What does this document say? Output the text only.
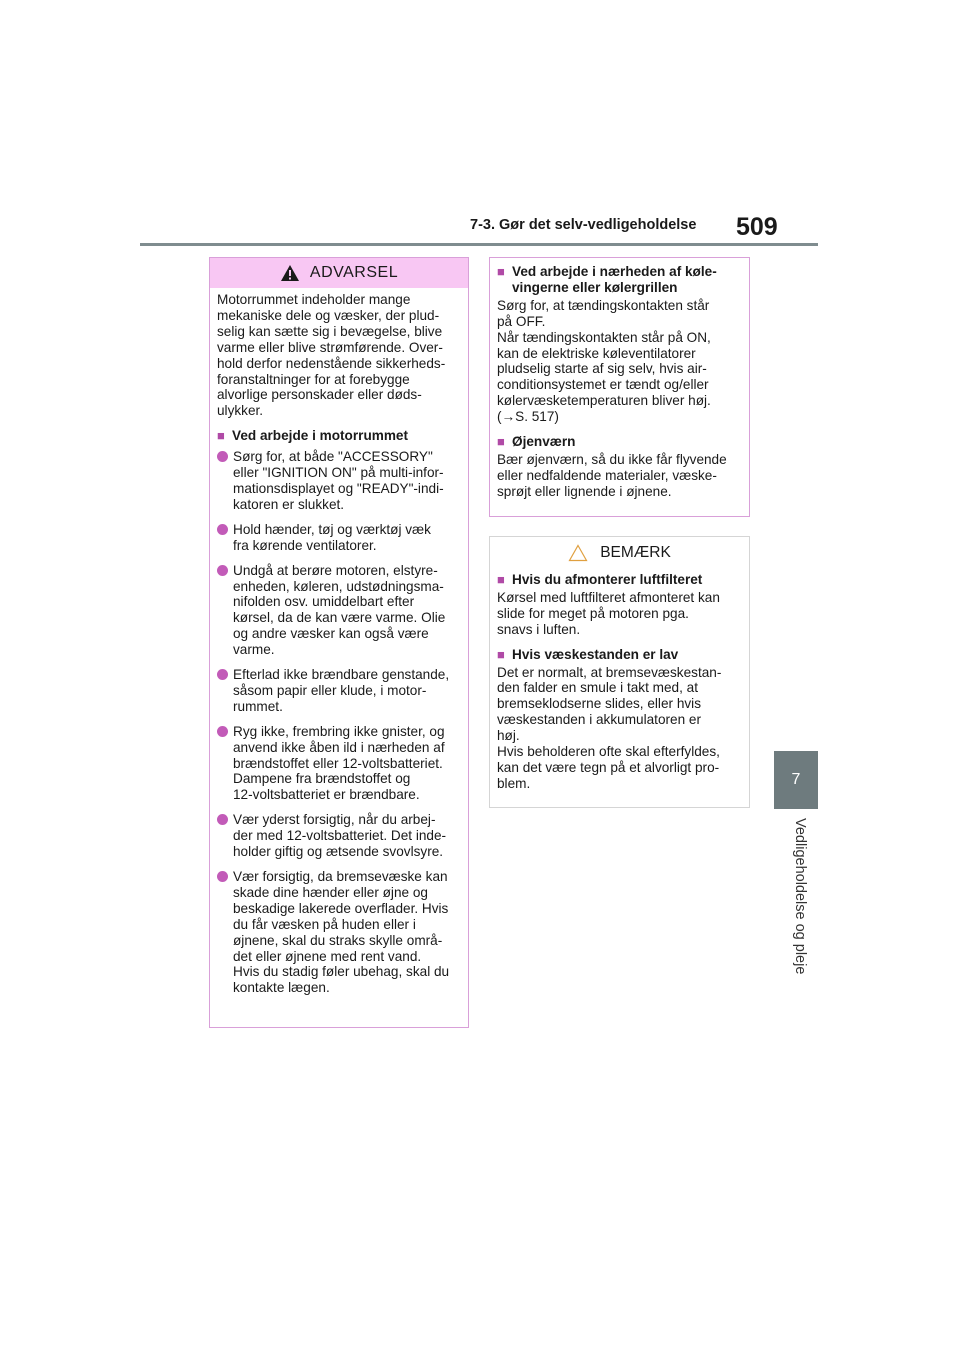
7-3. Gør det selv-vedligeholdelse 509
7
Vedligeholdelse og pleje
ADVARSEL

Motorrummet indeholder mange
mekaniske dele og væsker, der plud-
selig kan sætte sig i bevægelse, blive
varme eller blive strømførende. Over-
hold derfor nedenstående sikkerheds-
foranstaltninger for at forebygge
alvorlige personskader eller døds-
ulykker.

■ Ved arbejde i motorrummet
Sørg for, at både "ACCESSORY"
eller "IGNITION ON" på multi-infor-
mationsdisplayet og "READY"-indi-
katoren er slukket.
Hold hænder, tøj og værktøj væk
fra kørende ventilatorer.
Undgå at berøre motoren, elstyre-
enheden, køleren, udstødningsma-
nifolden osv. umiddelbart efter
kørsel, da de kan være varme. Olie
og andre væsker kan også være
varme.
Efterlad ikke brændbare genstande,
såsom papir eller klude, i motor-
rummet.
Ryg ikke, frembring ikke gnister, og
anvend ikke åben ild i nærheden af
brændstoffet eller 12-voltsbatteriet.
Dampene fra brændstoffet og
12-voltsbatteriet er brændbare.
Vær yderst forsigtig, når du arbej-
der med 12-voltsbatteriet. Det inde-
holder giftig og ætsende svovlsyre.
Vær forsigtig, da bremsevæske kan
skade dine hænder eller øjne og
beskadige lakerede overflader. Hvis
du får væsken på huden eller i
øjnene, skal du straks skylle områ-
det eller øjnene med rent vand.
Hvis du stadig føler ubehag, skal du
kontakte lægen.
■ Ved arbejde i nærheden af køle-
vingerne eller kølergrillen

Sørg for, at tændingskontakten står
på OFF.
Når tændingskontakten står på ON,
kan de elektriske køleventilatorer
pludselig starte af sig selv, hvis air-
conditionsystemet er tændt og/eller
kølervæsketemperaturen bliver høj.
(→S. 517)

■ Øjenværn

Bær øjenværn, så du ikke får flyvende
eller nedfaldende materialer, væske-
sprøjt eller lignende i øjnene.

BEMÆRK
■ Hvis du afmonterer luftfilteret

Kørsel med luftfilteret afmonteret kan
slide for meget på motoren pga.
snavs i luften.

■ Hvis væskestanden er lav

Det er normalt, at bremsevæskestan-
den falder en smule i takt med, at
bremseklodserne slides, eller hvis
væskestanden i akkumulatoren er
høj.
Hvis beholderen ofte skal efterfyldes,
kan det være tegn på et alvorligt pro-
blem.
